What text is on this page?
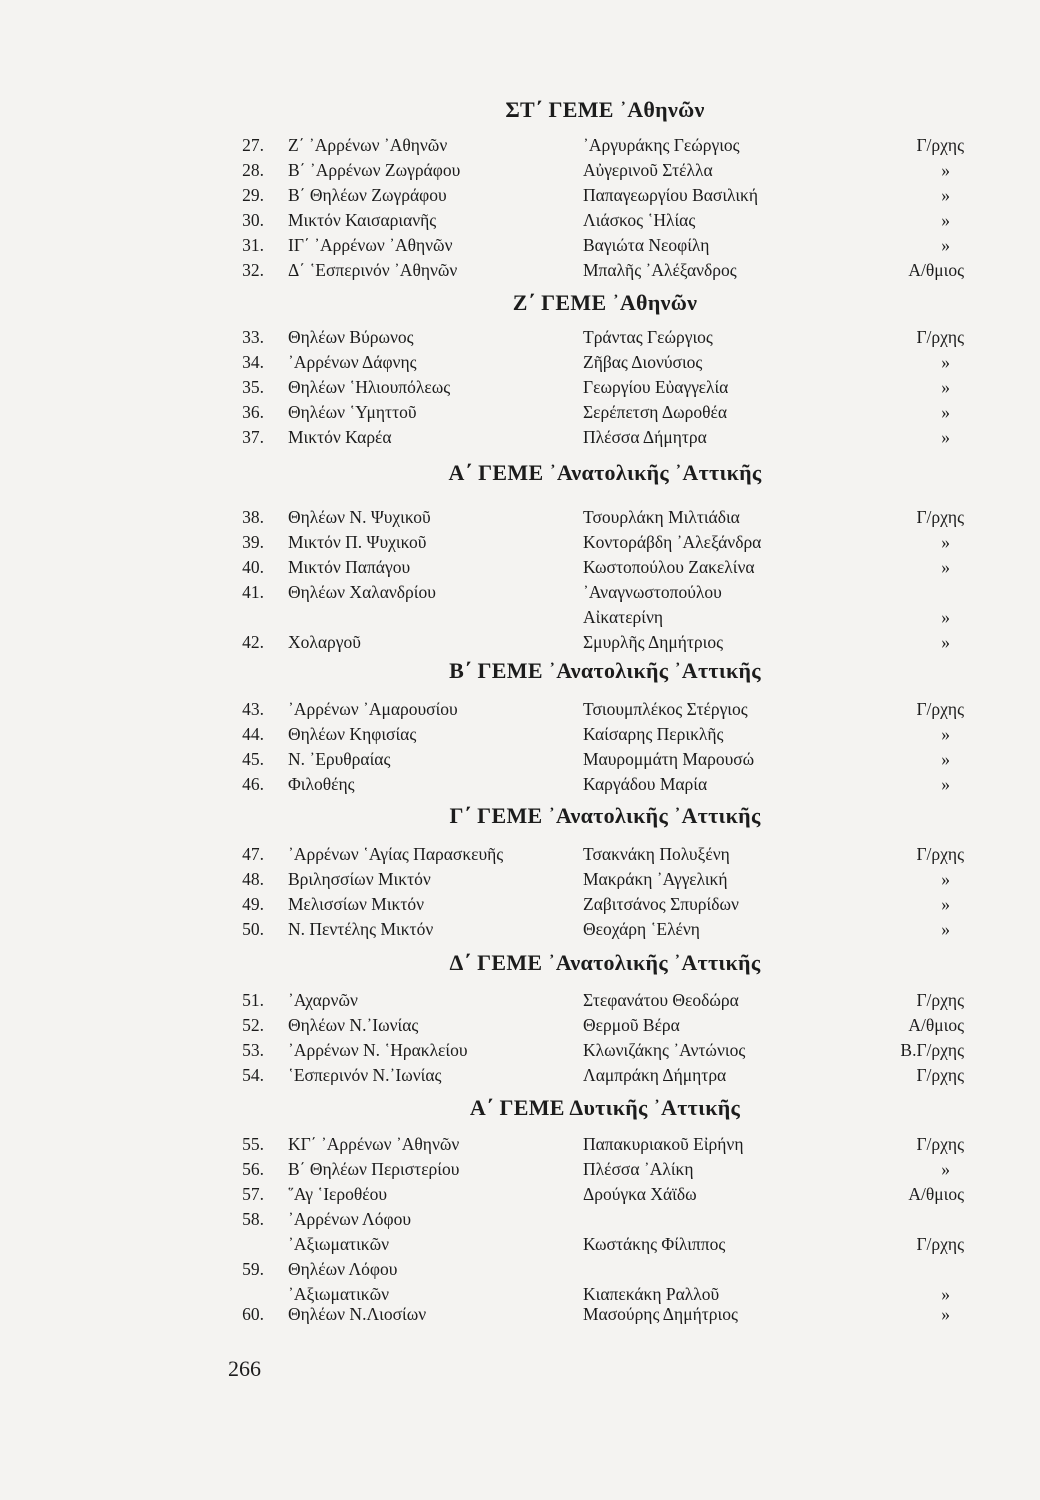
ΣΤ΄ ΓΕΜΕ ᾽Αθηνῶν
27. Ζ΄ ᾽Αρρένων ᾽Αθηνῶν	᾽Αργυράκης Γεώργιος	Γ/ρχης
28. Β΄ ᾽Αρρένων Ζωγράφου	Αὐγερινοῦ Στέλλα	»
29. Β΄ Θηλέων Ζωγράφου	Παπαγεωργίου Βασιλική	»
30. Μικτόν Καισαριανῆς	Λιάσκος ῾Ηλίας	»
31. ΙΓ΄ ᾽Αρρένων ᾽Αθηνῶν	Βαγιώτα Νεοφίλη	»
32. Δ΄ ῾Εσπερινόν ᾽Αθηνῶν	Μπαλῆς ᾽Αλέξανδρος	Α/θμιος
Ζ΄ ΓΕΜΕ ᾽Αθηνῶν
33. Θηλέων Βύρωνος	Τράντας Γεώργιος	Γ/ρχης
34. ᾽Αρρένων Δάφνης	Ζῆβας Διονύσιος	»
35. Θηλέων ῾Ηλιουπόλεως	Γεωργίου Εὐαγγελία	»
36. Θηλέων ῾Υμηττοῦ	Σερέπετση Δωροθέα	»
37. Μικτόν Καρέα	Πλέσσα Δήμητρα	»
Α΄ ΓΕΜΕ ᾽Ανατολικῆς ᾽Αττικῆς
38. Θηλέων Ν. Ψυχικοῦ	Τσουρλάκη Μιλτιάδια	Γ/ρχης
39. Μικτόν Π. Ψυχικοῦ	Κοντοράβδη ᾽Αλεξάνδρα	»
40. Μικτόν Παπάγου	Κωστοπούλου Ζακελίνα	»
41. Θηλέων Χαλανδρίου	᾽Αναγνωστοπούλου
Αἰκατερίνη	»
42. Χολαργοῦ	Σμυρλῆς Δημήτριος	»
Β΄ ΓΕΜΕ ᾽Ανατολικῆς ᾽Αττικῆς
43. ᾽Αρρένων ᾽Αμαρουσίου	Τσιουμπλέκος Στέργιος	Γ/ρχης
44. Θηλέων Κηφισίας	Καίσαρης Περικλῆς	»
45. Ν. ᾽Ερυθραίας	Μαυρομμάτη Μαρουσώ	»
46. Φιλοθέης	Καργάδου Μαρία	»
Γ΄ ΓΕΜΕ ᾽Ανατολικῆς ᾽Αττικῆς
47. ᾽Αρρένων ῾Αγίας Παρασκευῆς	Τσακνάκη Πολυξένη	Γ/ρχης
48. Βριλησσίων Μικτόν	Μακράκη ᾽Αγγελική	»
49. Μελισσίων Μικτόν	Ζαβιτσάνος Σπυρίδων	»
50. Ν. Πεντέλης Μικτόν	Θεοχάρη ῾Ελένη	»
Δ΄ ΓΕΜΕ ᾽Ανατολικῆς ᾽Αττικῆς
51. ᾽Αχαρνῶν	Στεφανάτου Θεοδώρα	Γ/ρχης
52. Θηλέων Ν.᾽Ιωνίας	Θερμοῦ Βέρα	Α/θμιος
53. ᾽Αρρένων Ν. ῾Ηρακλείου	Κλωνιζάκης ᾽Αντώνιος	Β.Γ/ρχης
54. ῾Εσπερινόν Ν.᾽Ιωνίας	Λαμπράκη Δήμητρα	Γ/ρχης
Α΄ ΓΕΜΕ Δυτικῆς ᾽Αττικῆς
55. ΚΓ΄ ᾽Αρρένων ᾽Αθηνῶν	Παπακυριακοῦ Εἰρήνη	Γ/ρχης
56. Β΄ Θηλέων Περιστερίου	Πλέσσα ᾽Αλίκη	»
57. ῞Αγ ῾Ιεροθέου	Δρούγκα Χάϊδω	Α/θμιος
58. ᾽Αρρένων Λόφου
᾽Αξιωματικῶν	Κωστάκης Φίλιππος	Γ/ρχης
59. Θηλέων Λόφου
᾽Αξιωματικῶν	Κιαπεκάκη Ραλλοῦ	»
60. Θηλέων Ν.Λιοσίων	Μασούρης Δημήτριος	»
266
